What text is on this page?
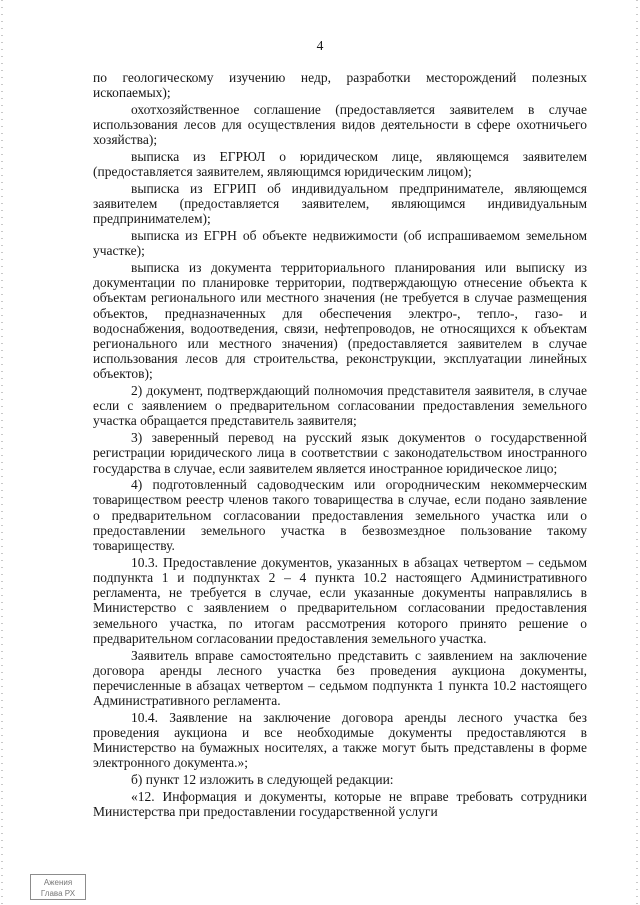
4

по геологическому изучению недр, разработки месторождений полезных ископаемых);

охотхозяйственное соглашение (предоставляется заявителем в случае использования лесов для осуществления видов деятельности в сфере охотничьего хозяйства);

выписка из ЕГРЮЛ о юридическом лице, являющемся заявителем (предоставляется заявителем, являющимся юридическим лицом);

выписка из ЕГРИП об индивидуальном предпринимателе, являющемся заявителем (предоставляется заявителем, являющимся индивидуальным предпринимателем);

выписка из ЕГРН об объекте недвижимости (об испрашиваемом земельном участке);

выписка из документа территориального планирования или выписку из документации по планировке территории, подтверждающую отнесение объекта к объектам регионального или местного значения (не требуется в случае размещения объектов, предназначенных для обеспечения электро-, тепло-, газо- и водоснабжения, водоотведения, связи, нефтепроводов, не относящихся к объектам регионального или местного значения) (предоставляется заявителем в случае использования лесов для строительства, реконструкции, эксплуатации линейных объектов);

2) документ, подтверждающий полномочия представителя заявителя, в случае если с заявлением о предварительном согласовании предоставления земельного участка обращается представитель заявителя;

3) заверенный перевод на русский язык документов о государственной регистрации юридического лица в соответствии с законодательством иностранного государства в случае, если заявителем является иностранное юридическое лицо;

4) подготовленный садоводческим или огородническим некоммерческим товариществом реестр членов такого товарищества в случае, если подано заявление о предварительном согласовании предоставления земельного участка или о предоставлении земельного участка в безвозмездное пользование такому товариществу.

10.3. Предоставление документов, указанных в абзацах четвертом – седьмом подпункта 1 и подпунктах 2 – 4 пункта 10.2 настоящего Административного регламента, не требуется в случае, если указанные документы направлялись в Министерство с заявлением о предварительном согласовании предоставления земельного участка, по итогам рассмотрения которого принято решение о предварительном согласовании предоставления земельного участка.

Заявитель вправе самостоятельно представить с заявлением на заключение договора аренды лесного участка без проведения аукциона документы, перечисленные в абзацах четвертом – седьмом подпункта 1 пункта 10.2 настоящего Административного регламента.

10.4. Заявление на заключение договора аренды лесного участка без проведения аукциона и все необходимые документы предоставляются в Министерство на бумажных носителях, а также могут быть представлены в форме электронного документа.»;

б) пункт 12 изложить в следующей редакции:

«12. Информация и документы, которые не вправе требовать сотрудники Министерства при предоставлении государственной услуги

Ажения
Глава РХ
